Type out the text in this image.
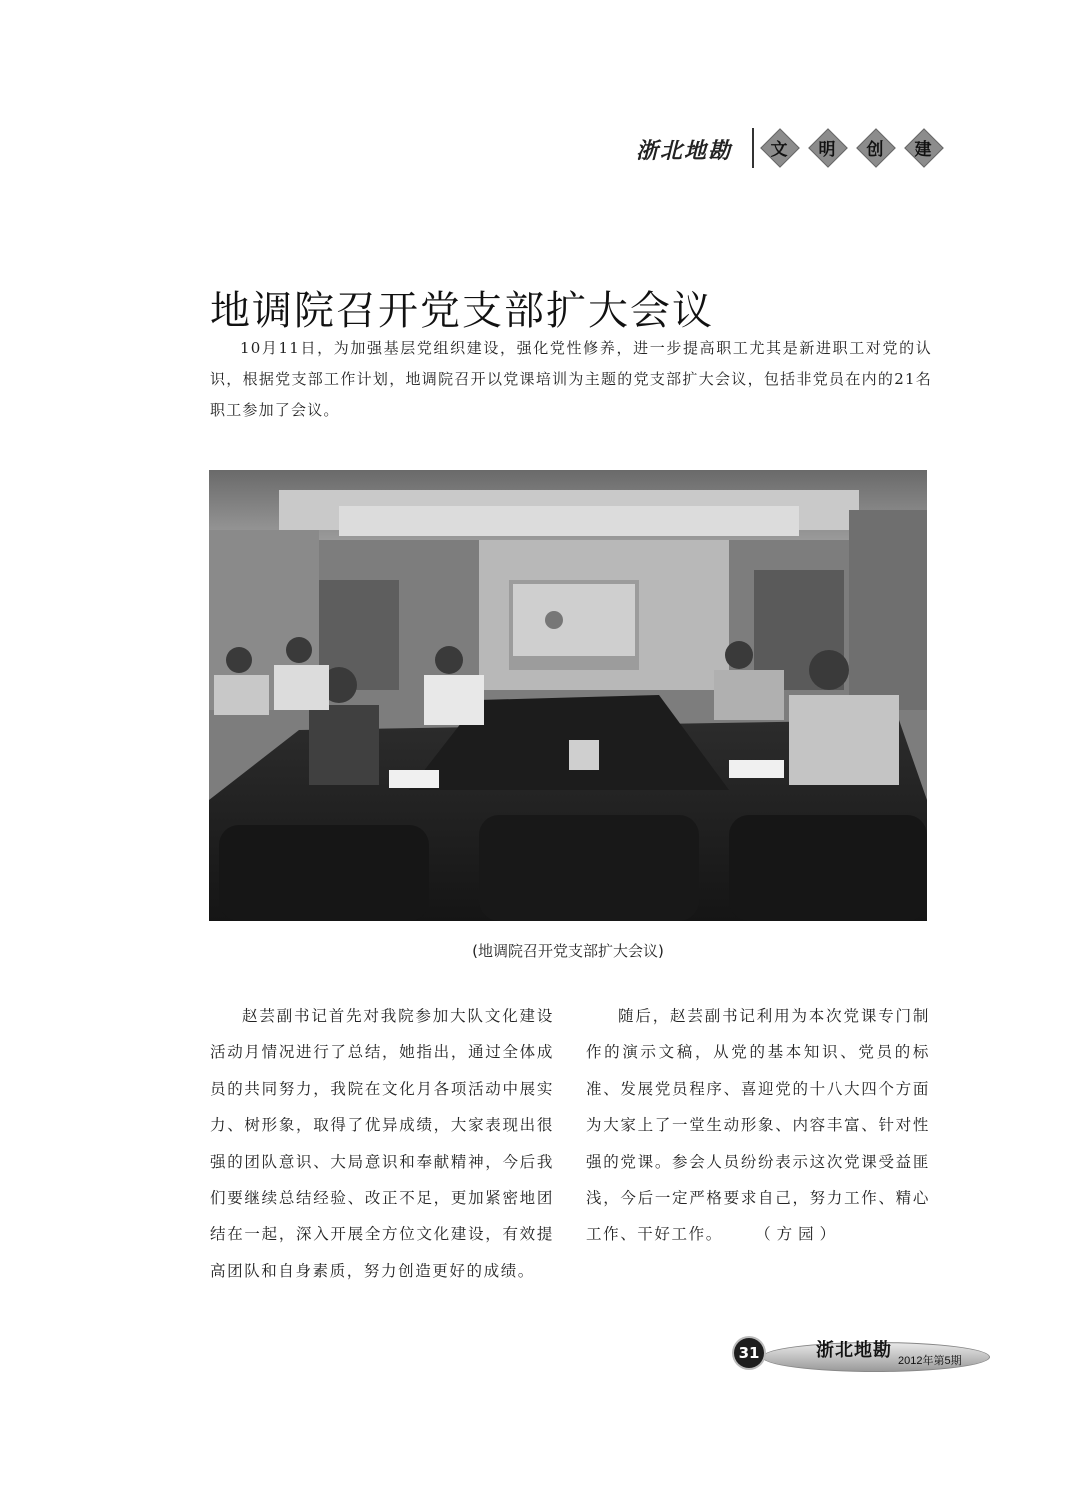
浙北地勘	文	明	创	建
地调院召开党支部扩大会议

10月11日，为加强基层党组织建设，强化党性修养，进一步提高职工尤其是新进职工对党的认识，根据党支部工作计划，地调院召开以党课培训为主题的党支部扩大会议，包括非党员在内的21名职工参加了会议。

(地调院召开党支部扩大会议)

赵芸副书记首先对我院参加大队文化建设活动月情况进行了总结，她指出，通过全体成员的共同努力，我院在文化月各项活动中展实力、树形象，取得了优异成绩，大家表现出很强的团队意识、大局意识和奉献精神，今后我们要继续总结经验、改正不足，更加紧密地团结在一起，深入开展全方位文化建设，有效提高团队和自身素质，努力创造更好的成绩。

随后，赵芸副书记利用为本次党课专门制作的演示文稿，从党的基本知识、党员的标准、发展党员程序、喜迎党的十八大四个方面为大家上了一堂生动形象、内容丰富、针对性强的党课。参会人员纷纷表示这次党课受益匪浅，今后一定严格要求自己，努力工作、精心工作、干好工作。	（方园）

31	浙北地勘 2012年第5期
